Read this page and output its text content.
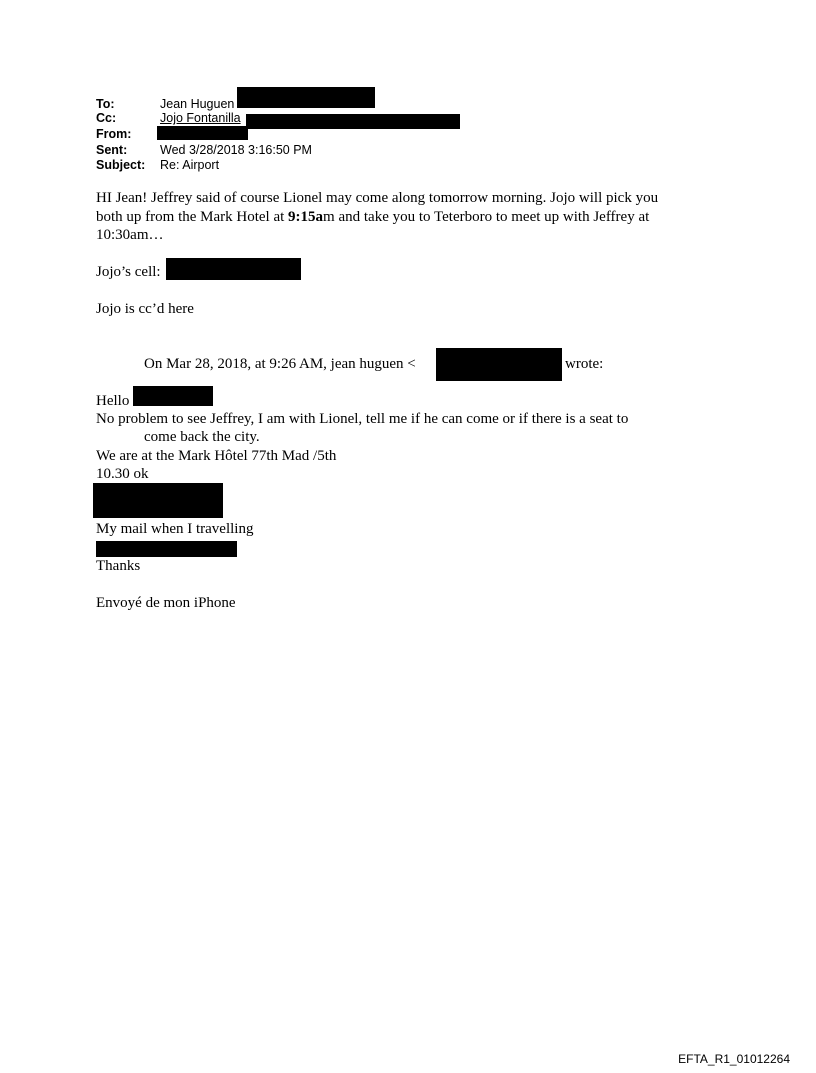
To:	Jean Huguen
Cc:	Jojo Fontanilla
From:
Sent:	Wed 3/28/2018 3:16:50 PM
Subject: Re: Airport
HI Jean! Jeffrey said of course Lionel may come along tomorrow morning. Jojo will pick you
both up from the Mark Hotel at 9:15am and take you to Teterboro to meet up with Jeffrey at
10:30am…
Jojo’s cell:
Jojo is cc’d here
On Mar 28, 2018, at 9:26 AM, jean huguen <	wrote:
Hello
No problem to see Jeffrey, I am with Lionel, tell me if he can come or if there is a seat to
come back the city.
We are at the Mark Hôtel 77th Mad /5th
10.30 ok
My mail when I travelling
Thanks
Envoyé de mon iPhone
EFTA_R1_01012264
